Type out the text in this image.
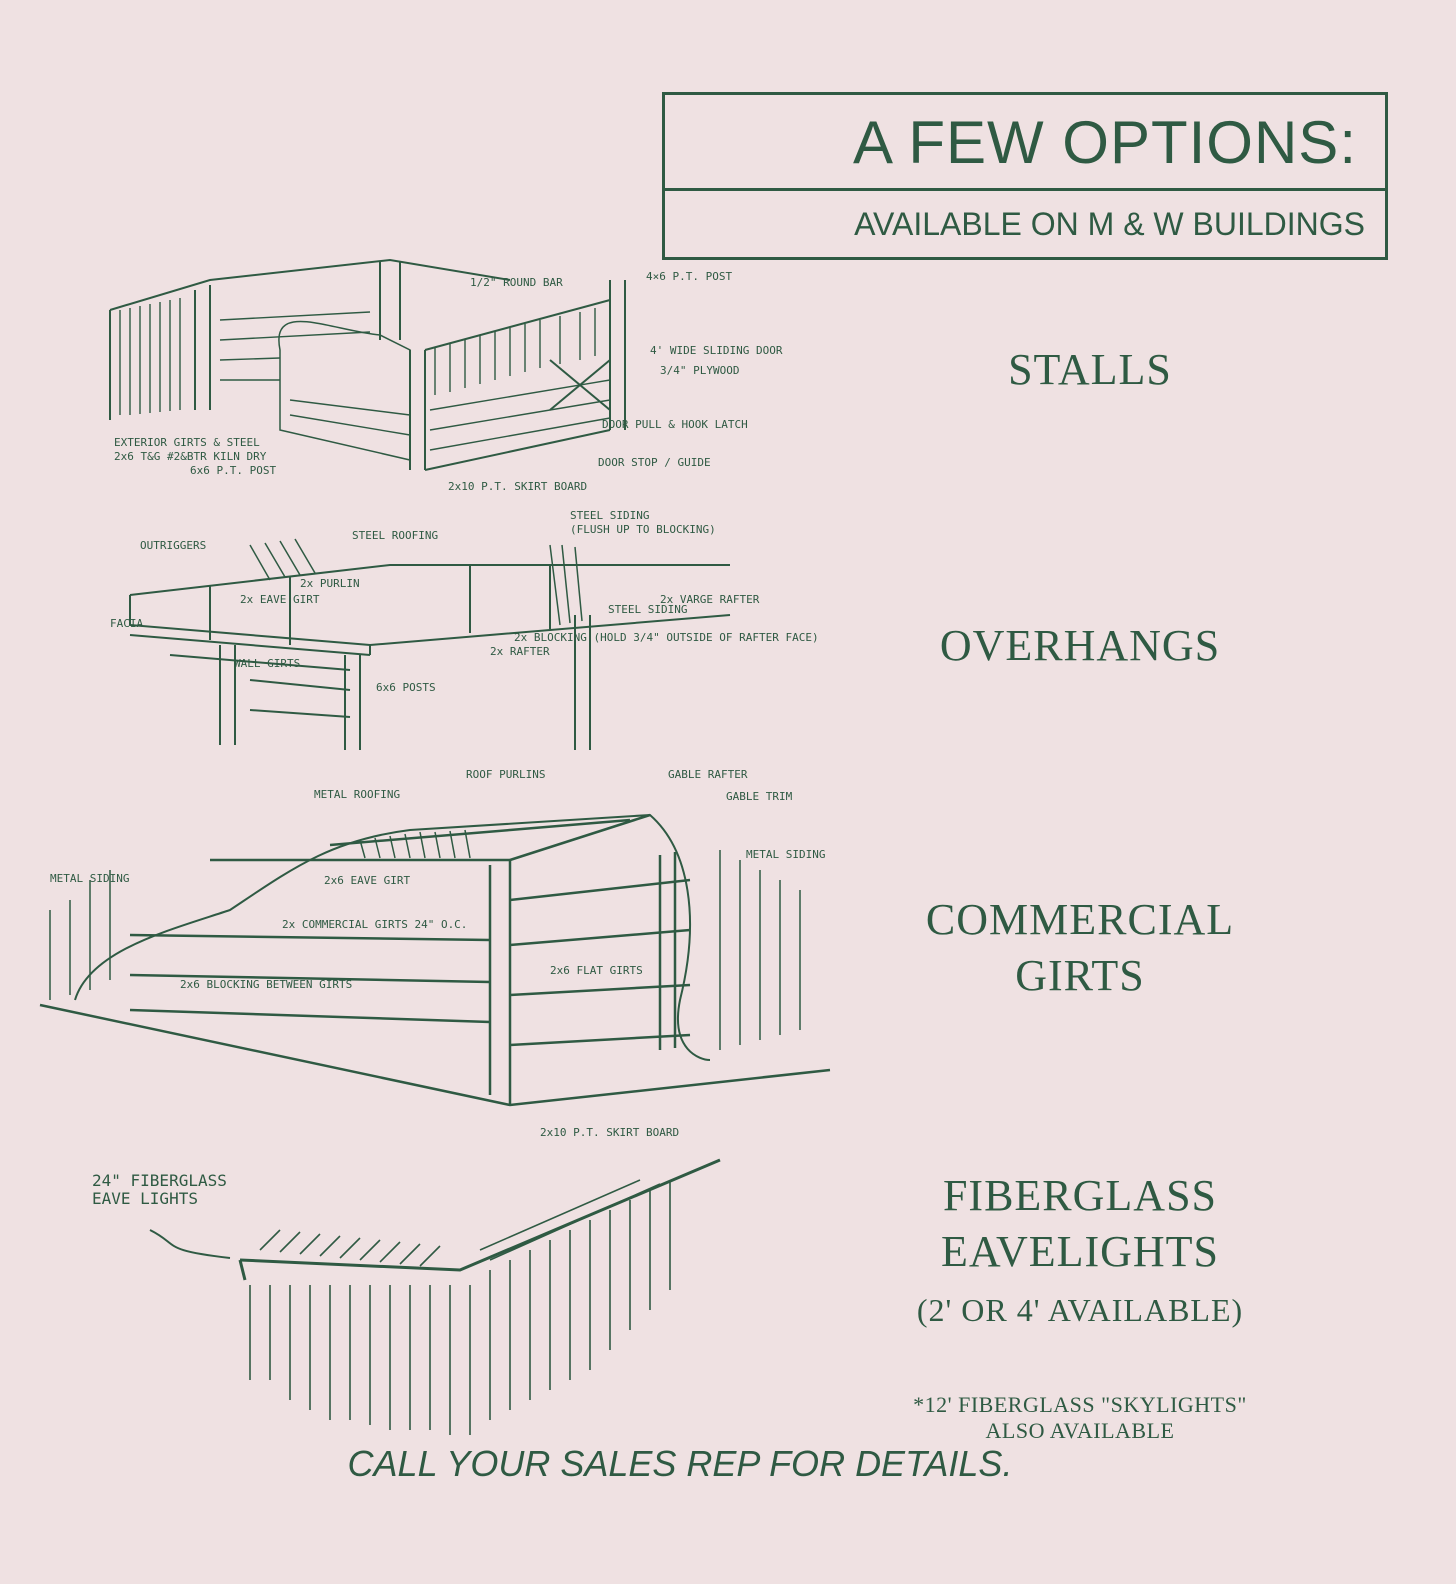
A FEW OPTIONS:
AVAILABLE ON M & W BUILDINGS
STALLS
OVERHANGS
COMMERCIAL
GIRTS
FIBERGLASS
EAVELIGHTS
(2' OR 4' AVAILABLE)
*12' FIBERGLASS "SKYLIGHTS"
ALSO AVAILABLE
CALL YOUR SALES REP FOR DETAILS.
1/2" ROUND BAR	4×6 P.T. POST
4' WIDE SLIDING DOOR
3/4" PLYWOOD
DOOR PULL & HOOK LATCH
EXTERIOR GIRTS & STEEL
2x6 T&G #2&BTR KILN DRY
6x6 P.T. POST
DOOR STOP / GUIDE
2x10 P.T. SKIRT BOARD
STEEL SIDING
(FLUSH UP TO BLOCKING)
OUTRIGGERS
STEEL ROOFING
2x PURLIN
2x EAVE GIRT
FACIA
STEEL SIDING
2x VARGE RAFTER
2x BLOCKING (HOLD 3/4" OUTSIDE OF RAFTER FACE)
2x RAFTER
WALL GIRTS
6x6 POSTS
ROOF PURLINS	GABLE RAFTER
METAL ROOFING	GABLE TRIM
METAL SIDING
METAL SIDING
2x6 EAVE GIRT
2x COMMERCIAL GIRTS 24" O.C.
2x6 FLAT GIRTS
2x6 BLOCKING BETWEEN GIRTS
2x10 P.T. SKIRT BOARD
24" FIBERGLASS
EAVE LIGHTS
